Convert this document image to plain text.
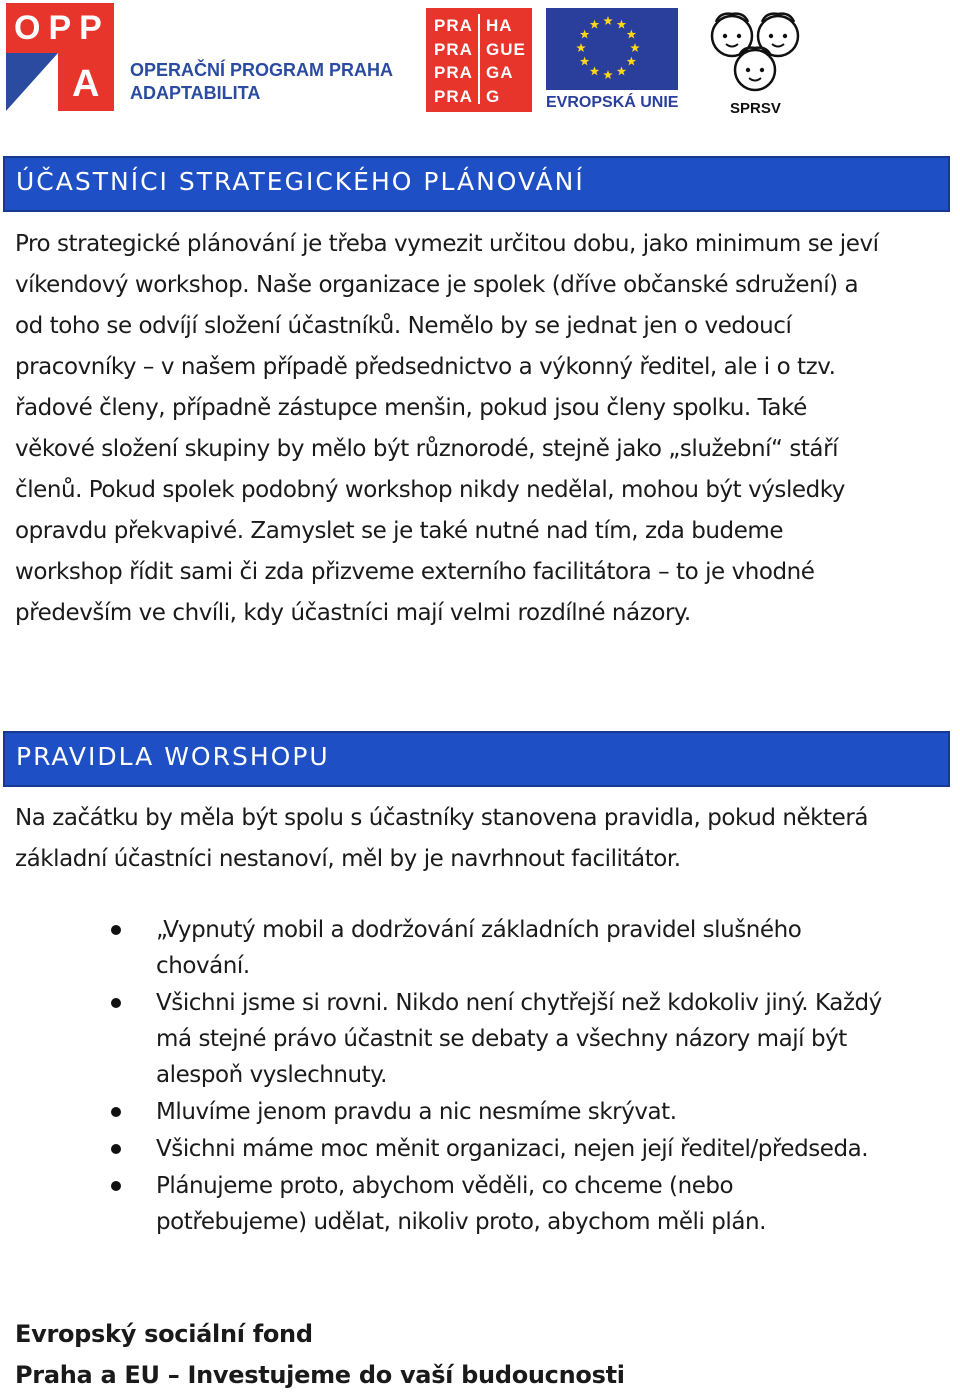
OPP
A OPERAČNÍ PROGRAM PRAHA
ADAPTABILITA
PRA HA
PRA GUE
PRA GA
PRA G	EVROPSKÁ UNIE	SPRSV
ÚČASTNÍCI STRATEGICKÉHO PLÁNOVÁNÍ
Pro strategické plánování je třeba vymezit určitou dobu, jako minimum se jeví
víkendový workshop. Naše organizace je spolek (dříve občanské sdružení) a
od toho se odvíjí složení účastníků. Nemělo by se jednat jen o vedoucí
pracovníky – v našem případě předsednictvo a výkonný ředitel, ale i o tzv.
řadové členy, případně zástupce menšin, pokud jsou členy spolku. Také
věkové složení skupiny by mělo být různorodé, stejně jako „služební“ stáří
členů. Pokud spolek podobný workshop nikdy nedělal, mohou být výsledky
opravdu překvapivé. Zamyslet se je také nutné nad tím, zda budeme
workshop řídit sami či zda přizveme externího facilitátora – to je vhodné
především ve chvíli, kdy účastníci mají velmi rozdílné názory.
PRAVIDLA WORSHOPU
Na začátku by měla být spolu s účastníky stanovena pravidla, pokud některá
základní účastníci nestanoví, měl by je navrhnout facilitátor.
„Vypnutý mobil a dodržování základních pravidel slušného
chování.
Všichni jsme si rovni. Nikdo není chytřejší než kdokoliv jiný. Každý
má stejné právo účastnit se debaty a všechny názory mají být
alespoň vyslechnuty.
Mluvíme jenom pravdu a nic nesmíme skrývat.
Všichni máme moc měnit organizaci, nejen její ředitel/předseda.
Plánujeme proto, abychom věděli, co chceme (nebo
potřebujeme) udělat, nikoliv proto, abychom měli plán.
Evropský sociální fond
Praha a EU – Investujeme do vaší budoucnosti
